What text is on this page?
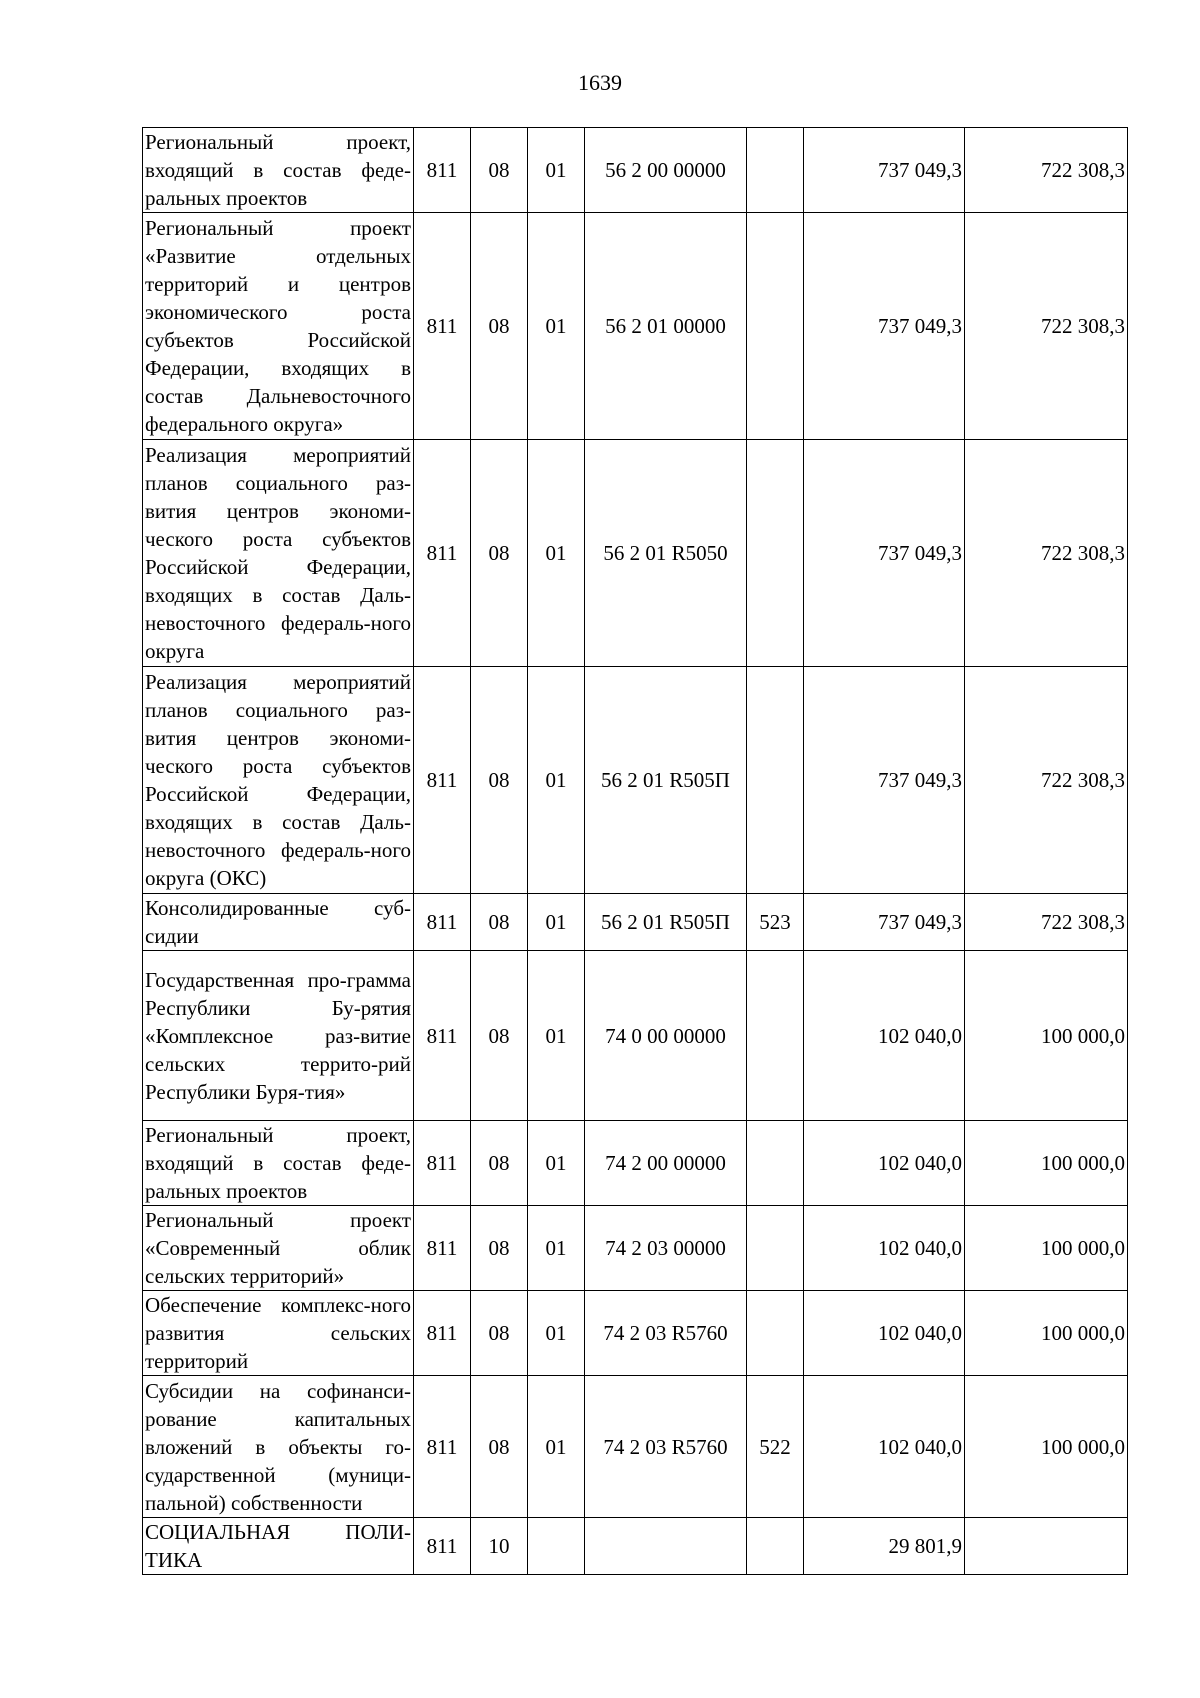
1639
Региональный проект, входящий в состав феде-ральных проектов	811	08	01	56 2 00 00000		737 049,3	722 308,3
Региональный проект «Развитие отдельных территорий и центров экономического роста субъектов Российской Федерации, входящих в состав Дальневосточного федерального округа»	811	08	01	56 2 01 00000		737 049,3	722 308,3
Реализация мероприятий планов социального раз-вития центров экономи-ческого роста субъектов Российской Федерации, входящих в состав Даль-невосточного федераль-ного округа	811	08	01	56 2 01 R5050		737 049,3	722 308,3
Реализация мероприятий планов социального раз-вития центров экономи-ческого роста субъектов Российской Федерации, входящих в состав Даль-невосточного федераль-ного округа (ОКС)	811	08	01	56 2 01 R505П		737 049,3	722 308,3
Консолидированные суб-сидии	811	08	01	56 2 01 R505П	523	737 049,3	722 308,3
Государственная про-грамма Республики Бу-рятия «Комплексное раз-витие сельских террито-рий Республики Буря-тия»	811	08	01	74 0 00 00000		102 040,0	100 000,0
Региональный проект, входящий в состав феде-ральных проектов	811	08	01	74 2 00 00000		102 040,0	100 000,0
Региональный проект «Современный облик сельских территорий»	811	08	01	74 2 03 00000		102 040,0	100 000,0
Обеспечение комплекс-ного развития сельских территорий	811	08	01	74 2 03 R5760		102 040,0	100 000,0
Субсидии на софинанси-рование капитальных вложений в объекты го-сударственной (муници-пальной) собственности	811	08	01	74 2 03 R5760	522	102 040,0	100 000,0
СОЦИАЛЬНАЯ ПОЛИ-ТИКА	811	10				29 801,9	
